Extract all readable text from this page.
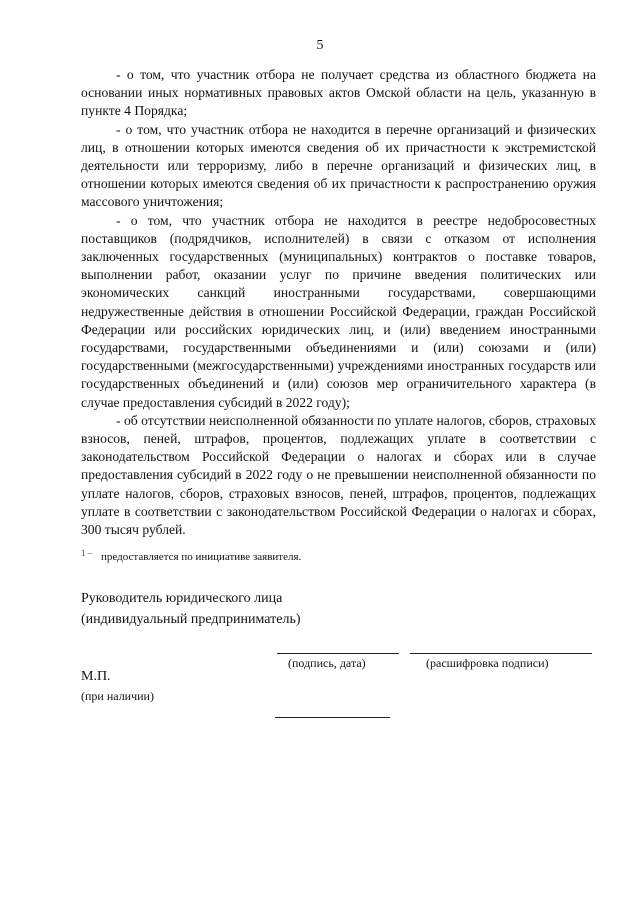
5

- о том, что участник отбора не получает средства из областного бюджета на основании иных нормативных правовых актов Омской области на цель, указанную в пункте 4 Порядка;

- о том, что участник отбора не находится в перечне организаций и физических лиц, в отношении которых имеются сведения об их причастности к экстремистской деятельности или терроризму, либо в перечне организаций и физических лиц, в отношении которых имеются сведения об их причастности к распространению оружия массового уничтожения;

- о том, что участник отбора не находится в реестре недобросовестных поставщиков (подрядчиков, исполнителей) в связи с отказом от исполнения заключенных государственных (муниципальных) контрактов о поставке товаров, выполнении работ, оказании услуг по причине введения политических или экономических санкций иностранными государствами, совершающими недружественные действия в отношении Российской Федерации, граждан Российской Федерации или российских юридических лиц, и (или) введением иностранными государствами, государственными объединениями и (или) союзами и (или) государственными (межгосударственными) учреждениями иностранных государств или государственных объединений и (или) союзов мер ограничительного характера (в случае предоставления субсидий в 2022 году);

- об отсутствии неисполненной обязанности по уплате налогов, сборов, страховых взносов, пеней, штрафов, процентов, подлежащих уплате в соответствии с законодательством Российской Федерации о налогах и сборах или в случае предоставления субсидий в 2022 году о не превышении неисполненной обязанности по уплате налогов, сборов, страховых взносов, пеней, штрафов, процентов, подлежащих уплате в соответствии с законодательством Российской Федерации о налогах и сборах, 300 тысяч рублей.

$^{1 -}$ предоставляется по инициативе заявителя.
Руководитель юридического лица
(индивидуальный предприниматель)
(подпись, дата)	(расшифровка подписи)
М.П.
(при наличии)
